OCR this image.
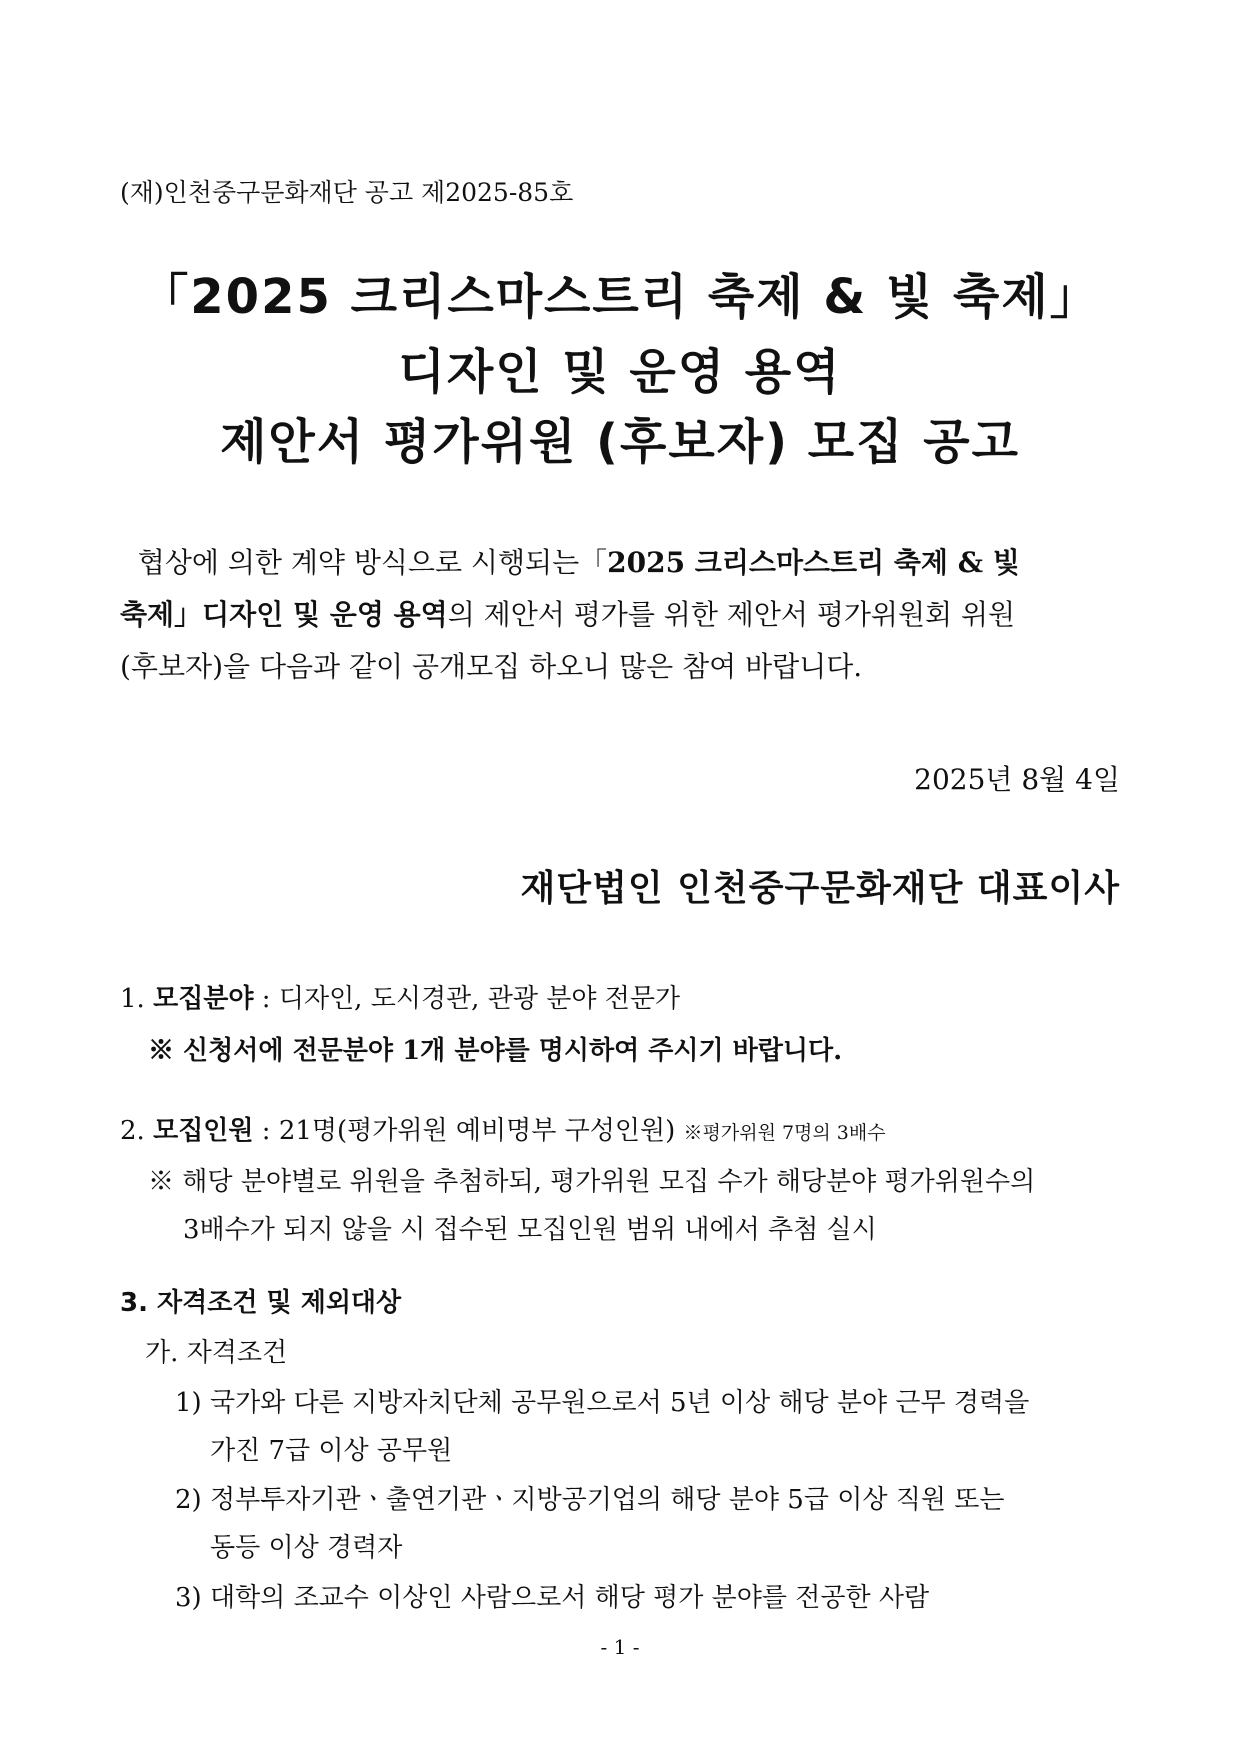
(재)인천중구문화재단 공고 제2025-85호
「2025 크리스마스트리 축제 & 빛 축제」
디자인 및 운영 용역
제안서 평가위원 (후보자) 모집 공고
협상에 의한 계약 방식으로 시행되는「2025 크리스마스트리 축제 & 빛
축제」디자인 및 운영 용역의 제안서 평가를 위한 제안서 평가위원회 위원
(후보자)을 다음과 같이 공개모집 하오니 많은 참여 바랍니다.
2025년 8월 4일
재단법인 인천중구문화재단 대표이사
1. 모집분야 : 디자인, 도시경관, 관광 분야 전문가
※ 신청서에 전문분야 1개 분야를 명시하여 주시기 바랍니다.
2. 모집인원 : 21명(평가위원 예비명부 구성인원) ※평가위원 7명의 3배수
※ 해당 분야별로 위원을 추첨하되, 평가위원 모집 수가 해당분야 평가위원수의
3배수가 되지 않을 시 접수된 모집인원 범위 내에서 추첨 실시
3. 자격조건 및 제외대상
가. 자격조건
1) 국가와 다른 지방자치단체 공무원으로서 5년 이상 해당 분야 근무 경력을
가진 7급 이상 공무원
2) 정부투자기관ㆍ출연기관ㆍ지방공기업의 해당 분야 5급 이상 직원 또는
동등 이상 경력자
3) 대학의 조교수 이상인 사람으로서 해당 평가 분야를 전공한 사람
- 1 -
